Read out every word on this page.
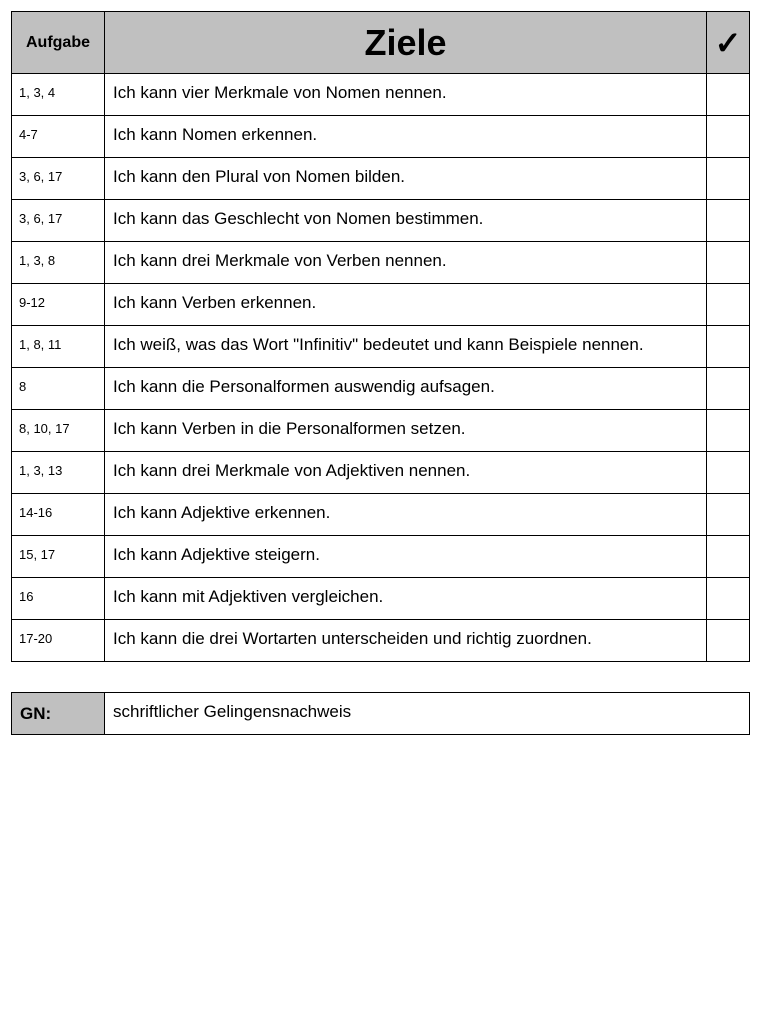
Aufgabe	Ziele	✓
1, 3, 4	Ich kann vier Merkmale von Nomen nennen.	
4-7	Ich kann Nomen erkennen.	
3, 6, 17	Ich kann den Plural von Nomen bilden.	
3, 6, 17	Ich kann das Geschlecht von Nomen bestimmen.	
1, 3, 8	Ich kann drei Merkmale von Verben nennen.	
9-12	Ich kann Verben erkennen.	
1, 8, 11	Ich weiß, was das Wort "Infinitiv" bedeutet und kann Beispiele nennen.	
8	Ich kann die Personalformen auswendig aufsagen.	
8, 10, 17	Ich kann Verben in die Personalformen setzen.	
1, 3, 13	Ich kann drei Merkmale von Adjektiven nennen.	
14-16	Ich kann Adjektive erkennen.	
15, 17	Ich kann Adjektive steigern.	
16	Ich kann mit Adjektiven vergleichen.	
17-20	Ich kann die drei Wortarten unterscheiden und richtig zuordnen.	
GN:	schriftlicher Gelingensnachweis
